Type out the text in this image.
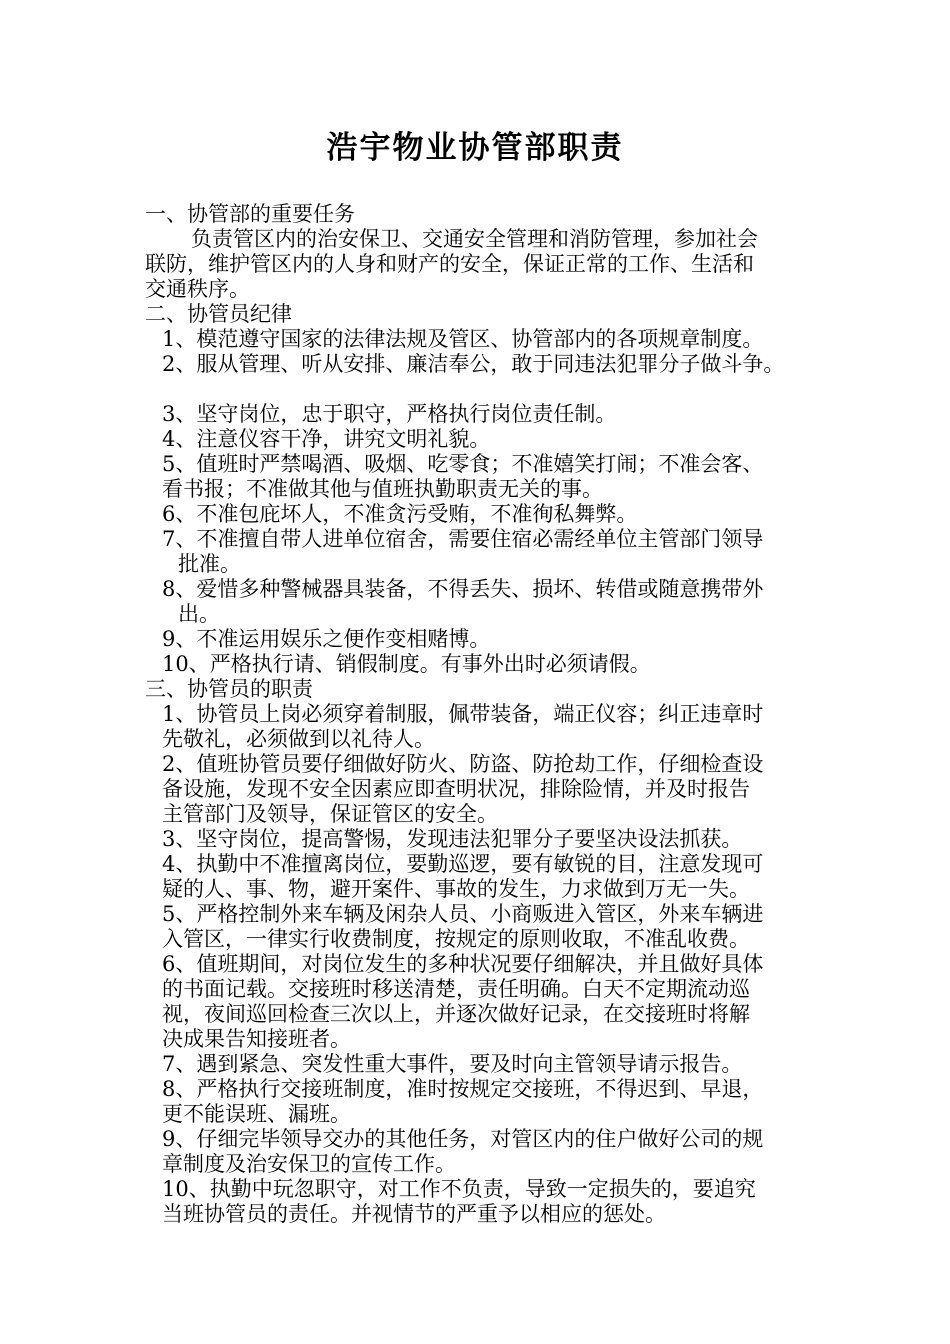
浩宇物业协管部职责
一、协管部的重要任务
负责管区内的治安保卫、交通安全管理和消防管理，参加社会
联防，维护管区内的人身和财产的安全，保证正常的工作、生活和
交通秩序。
二、协管员纪律
1、模范遵守国家的法律法规及管区、协管部内的各项规章制度。
2、服从管理、听从安排、廉洁奉公，敢于同违法犯罪分子做斗争。
3、坚守岗位，忠于职守，严格执行岗位责任制。
4、注意仪容干净，讲究文明礼貌。
5、值班时严禁喝酒、吸烟、吃零食；不准嬉笑打闹；不准会客、
看书报；不准做其他与值班执勤职责无关的事。
6、不准包庇坏人，不准贪污受贿，不准徇私舞弊。
7、不准擅自带人进单位宿舍，需要住宿必需经单位主管部门领导
批准。
8、爱惜多种警械器具装备，不得丢失、损坏、转借或随意携带外
出。
9、不准运用娱乐之便作变相赌博。
10、严格执行请、销假制度。有事外出时必须请假。
三、协管员的职责
1、协管员上岗必须穿着制服，佩带装备，端正仪容；纠正违章时
先敬礼，必须做到以礼待人。
2、值班协管员要仔细做好防火、防盗、防抢劫工作，仔细检查设
备设施，发现不安全因素应即查明状况，排除险情，并及时报告
主管部门及领导，保证管区的安全。
3、坚守岗位，提高警惕，发现违法犯罪分子要坚决设法抓获。
4、执勤中不准擅离岗位，要勤巡逻，要有敏锐的目，注意发现可
疑的人、事、物，避开案件、事故的发生，力求做到万无一失。
5、严格控制外来车辆及闲杂人员、小商贩进入管区，外来车辆进
入管区，一律实行收费制度，按规定的原则收取，不准乱收费。
6、值班期间，对岗位发生的多种状况要仔细解决，并且做好具体
的书面记载。交接班时移送清楚，责任明确。白天不定期流动巡
视，夜间巡回检查三次以上，并逐次做好记录，在交接班时将解
决成果告知接班者。
7、遇到紧急、突发性重大事件，要及时向主管领导请示报告。
8、严格执行交接班制度，准时按规定交接班，不得迟到、早退，
更不能误班、漏班。
9、仔细完毕领导交办的其他任务，对管区内的住户做好公司的规
章制度及治安保卫的宣传工作。
10、执勤中玩忽职守，对工作不负责，导致一定损失的，要追究
当班协管员的责任。并视情节的严重予以相应的惩处。
